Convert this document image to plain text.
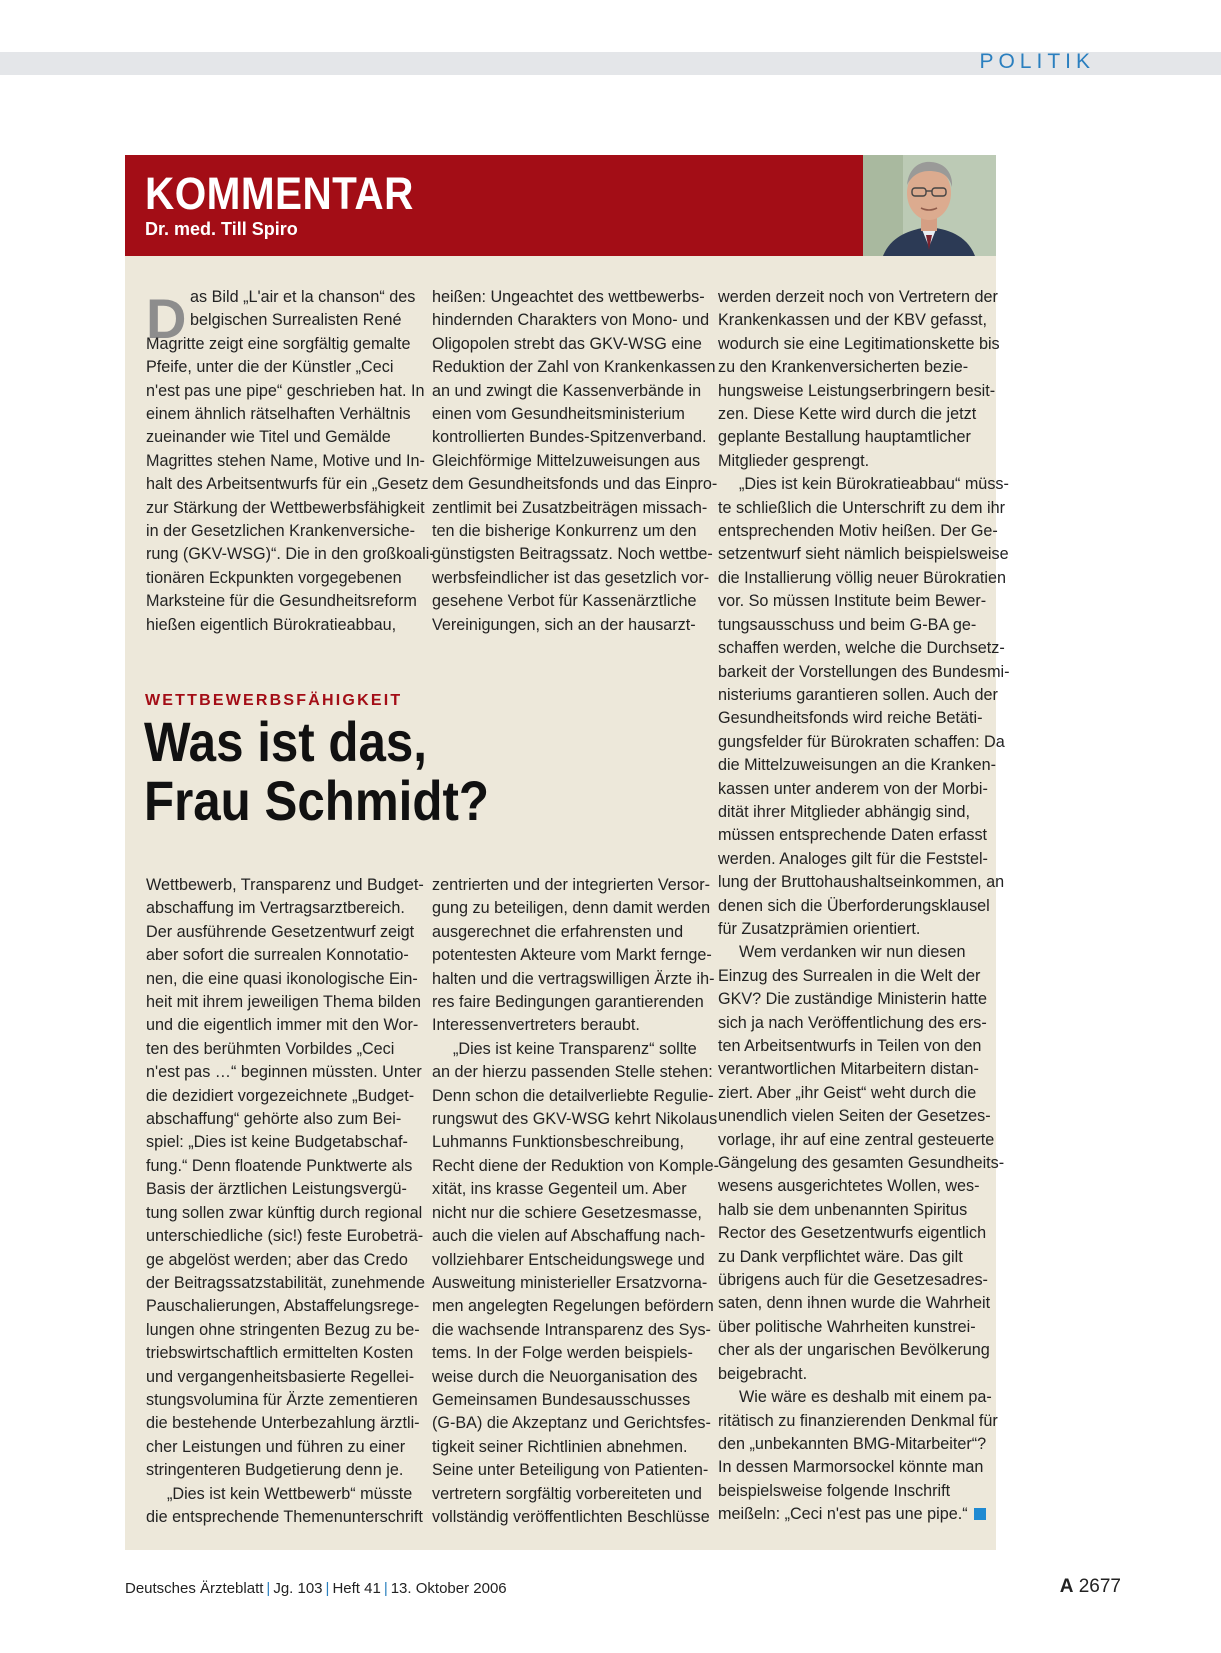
POLITIK
KOMMENTAR
Dr. med. Till Spiro
D as Bild „L'air et la chanson“ des
belgischen Surrealisten René
Magritte zeigt eine sorgfältig gemalte
Pfeife, unter die der Künstler „Ceci
n'est pas une pipe“ geschrieben hat. In
einem ähnlich rätselhaften Verhältnis
zueinander wie Titel und Gemälde
Magrittes stehen Name, Motive und In-
halt des Arbeitsentwurfs für ein „Gesetz
zur Stärkung der Wettbewerbsfähigkeit
in der Gesetzlichen Krankenversiche-
rung (GKV-WSG)“. Die in den großkoali-
tionären Eckpunkten vorgegebenen
Marksteine für die Gesundheitsreform
hießen eigentlich Bürokratieabbau,
heißen: Ungeachtet des wettbewerbs-
hindernden Charakters von Mono- und
Oligopolen strebt das GKV-WSG eine
Reduktion der Zahl von Krankenkassen
an und zwingt die Kassenverbände in
einen vom Gesundheitsministerium
kontrollierten Bundes-Spitzenverband.
Gleichförmige Mittelzuweisungen aus
dem Gesundheitsfonds und das Einpro-
zentlimit bei Zusatzbeiträgen missach-
ten die bisherige Konkurrenz um den
günstigsten Beitragssatz. Noch wettbe-
werbsfeindlicher ist das gesetzlich vor-
gesehene Verbot für Kassenärztliche
Vereinigungen, sich an der hausarzt-
WETTBEWERBSFÄHIGKEIT
Was ist das,
Frau Schmidt?
Wettbewerb, Transparenz und Budget-
abschaffung im Vertragsarztbereich.
Der ausführende Gesetzentwurf zeigt
aber sofort die surrealen Konnotatio-
nen, die eine quasi ikonologische Ein-
heit mit ihrem jeweiligen Thema bilden
und die eigentlich immer mit den Wor-
ten des berühmten Vorbildes „Ceci
n'est pas …“ beginnen müssten. Unter
die dezidiert vorgezeichnete „Budget-
abschaffung“ gehörte also zum Bei-
spiel: „Dies ist keine Budgetabschaf-
fung.“ Denn floatende Punktwerte als
Basis der ärztlichen Leistungsvergü-
tung sollen zwar künftig durch regional
unterschiedliche (sic!) feste Eurobeträ-
ge abgelöst werden; aber das Credo
der Beitragssatzstabilität, zunehmende
Pauschalierungen, Abstaffelungsrege-
lungen ohne stringenten Bezug zu be-
triebswirtschaftlich ermittelten Kosten
und vergangenheitsbasierte Regellei-
stungsvolumina für Ärzte zementieren
die bestehende Unterbezahlung ärztli-
cher Leistungen und führen zu einer
stringenteren Budgetierung denn je.
„Dies ist kein Wettbewerb“ müsste
die entsprechende Themenunterschrift
zentrierten und der integrierten Versor-
gung zu beteiligen, denn damit werden
ausgerechnet die erfahrensten und
potentesten Akteure vom Markt fernge-
halten und die vertragswilligen Ärzte ih-
res faire Bedingungen garantierenden
Interessenvertreters beraubt.
„Dies ist keine Transparenz“ sollte
an der hierzu passenden Stelle stehen:
Denn schon die detailverliebte Regulie-
rungswut des GKV-WSG kehrt Nikolaus
Luhmanns Funktionsbeschreibung,
Recht diene der Reduktion von Komple-
xität, ins krasse Gegenteil um. Aber
nicht nur die schiere Gesetzesmasse,
auch die vielen auf Abschaffung nach-
vollziehbarer Entscheidungswege und
Ausweitung ministerieller Ersatzvorna-
men angelegten Regelungen befördern
die wachsende Intransparenz des Sys-
tems. In der Folge werden beispiels-
weise durch die Neuorganisation des
Gemeinsamen Bundesausschusses
(G-BA) die Akzeptanz und Gerichtsfes-
tigkeit seiner Richtlinien abnehmen.
Seine unter Beteiligung von Patienten-
vertretern sorgfältig vorbereiteten und
vollständig veröffentlichten Beschlüsse
werden derzeit noch von Vertretern der
Krankenkassen und der KBV gefasst,
wodurch sie eine Legitimationskette bis
zu den Krankenversicherten bezie-
hungsweise Leistungserbringern besit-
zen. Diese Kette wird durch die jetzt
geplante Bestallung hauptamtlicher
Mitglieder gesprengt.
„Dies ist kein Bürokratieabbau“ müss-
te schließlich die Unterschrift zu dem ihr
entsprechenden Motiv heißen. Der Ge-
setzentwurf sieht nämlich beispielsweise
die Installierung völlig neuer Bürokratien
vor. So müssen Institute beim Bewer-
tungsausschuss und beim G-BA ge-
schaffen werden, welche die Durchsetz-
barkeit der Vorstellungen des Bundesmi-
nisteriums garantieren sollen. Auch der
Gesundheitsfonds wird reiche Betäti-
gungsfelder für Bürokraten schaffen: Da
die Mittelzuweisungen an die Kranken-
kassen unter anderem von der Morbi-
dität ihrer Mitglieder abhängig sind,
müssen entsprechende Daten erfasst
werden. Analoges gilt für die Feststel-
lung der Bruttohaushaltseinkommen, an
denen sich die Überforderungsklausel
für Zusatzprämien orientiert.
Wem verdanken wir nun diesen
Einzug des Surrealen in die Welt der
GKV? Die zuständige Ministerin hatte
sich ja nach Veröffentlichung des ers-
ten Arbeitsentwurfs in Teilen von den
verantwortlichen Mitarbeitern distan-
ziert. Aber „ihr Geist“ weht durch die
unendlich vielen Seiten der Gesetzes-
vorlage, ihr auf eine zentral gesteuerte
Gängelung des gesamten Gesundheits-
wesens ausgerichtetes Wollen, wes-
halb sie dem unbenannten Spiritus
Rector des Gesetzentwurfs eigentlich
zu Dank verpflichtet wäre. Das gilt
übrigens auch für die Gesetzesadres-
saten, denn ihnen wurde die Wahrheit
über politische Wahrheiten kunstrei-
cher als der ungarischen Bevölkerung
beigebracht.
Wie wäre es deshalb mit einem pa-
ritätisch zu finanzierenden Denkmal für
den „unbekannten BMG-Mitarbeiter“?
In dessen Marmorsockel könnte man
beispielsweise folgende Inschrift
meißeln: „Ceci n'est pas une pipe.“
Deutsches Ärzteblatt | Jg. 103 | Heft 41 | 13. Oktober 2006	A 2677
